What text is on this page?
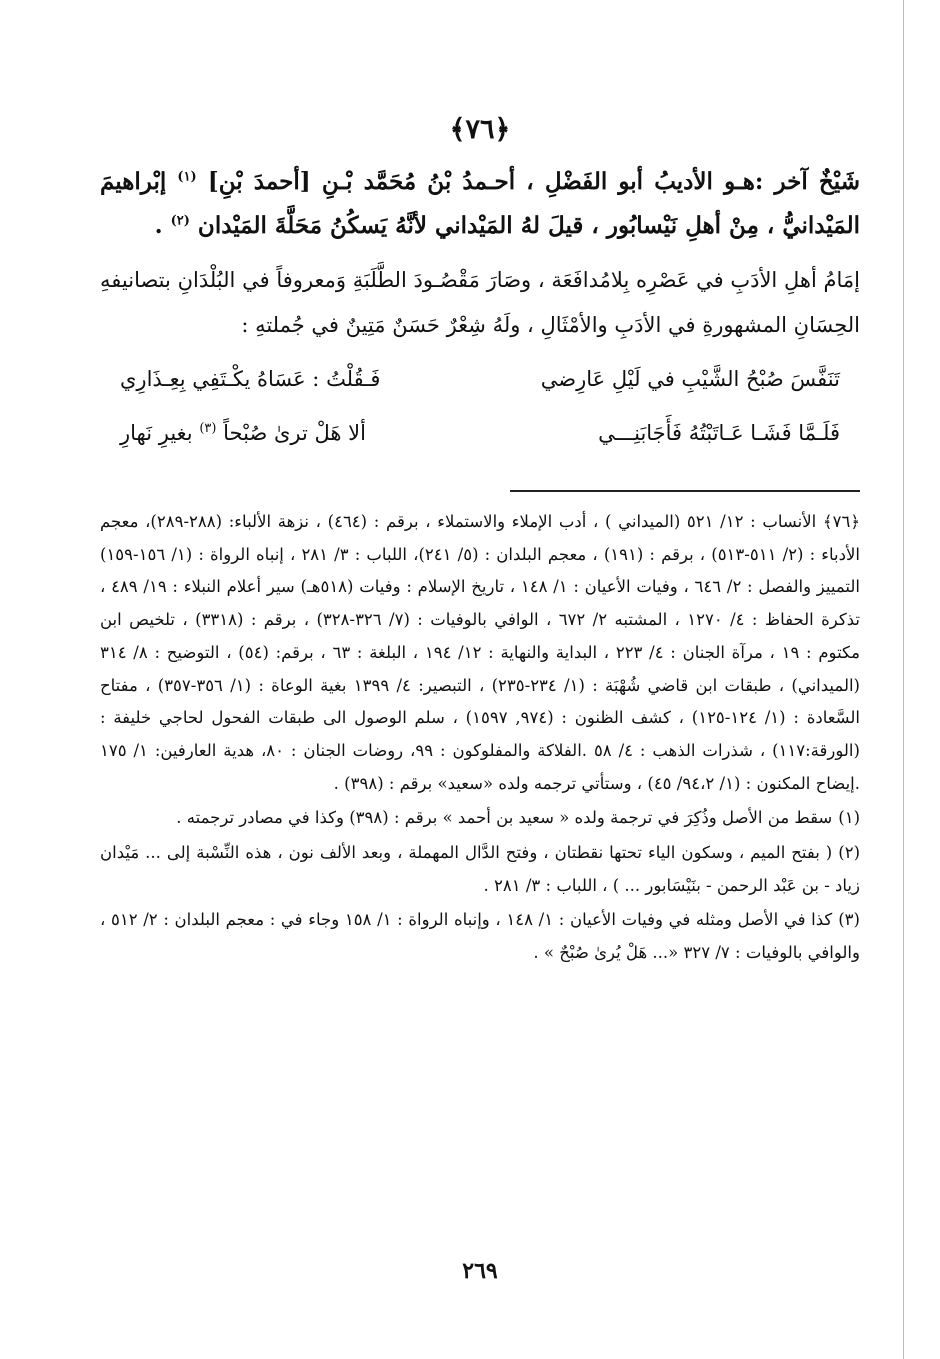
﴿٧٦﴾
شَيْخٌ آخر :هـو الأديبُ أبو الفَضْلِ ، أحـمدُ بْنُ مُحَمَّد بْـنِ [أحمدَ بْنِ] $^{(١)}$ إبْراهيمَ المَيْدانيُّ ، مِنْ أهلِ نَيْسابُور ، قيلَ لهُ المَيْداني لأنَّهُ يَسكُنُ مَحَلَّةَ المَيْدان $^{(٢)}$ .
إمَامُ أهلِ الأدَبِ في عَصْرِه بِلامُدافَعَة ، وصَارَ مَقْصُـودَ الطَّلَبَةِ وَمعروفاً في البُلْدَانِ بتصانيفهِ الحِسَانِ المشهورةِ في الأدَبِ والأمْثَالِ ، ولَهُ شِعْرٌ حَسَنٌ مَتِينٌ في جُملتهِ :
تَنَفَّسَ صُبْحُ الشَّيْبِ في لَيْلِ عَارِضي
فَـقُلْتُ : عَسَاهُ يكْـتَفِي بِعِـذَارِي
فَلَـمَّا فَشَـا عَـاتَبْتُهُ فَأَجَابَنِـــي
ألا هَلْ ترىٰ صُبْحاً $^{(٣)}$ بغيرِ نَهارِ
﴿٧٦﴾ الأنساب : ١٢/ ٥٢١ (الميداني ) ، أدب الإملاء والاستملاء ، برقم : (٤٦٤) ، نزهة الألباء: (٢٨٨-٢٨٩)، معجم الأدباء : (٢/ ٥١١-٥١٣) ، برقم : (١٩١) ، معجم البلدان : (٥/ ٢٤١)، اللباب : ٣/ ٢٨١ ، إنباه الرواة : (١/ ١٥٦-١٥٩) التمييز والفصل : ٢/ ٦٤٦ ، وفيات الأعيان : ١/ ١٤٨ ، تاريخ الإسلام : وفيات (٥١٨هـ) سير أعلام النبلاء : ١٩/ ٤٨٩ ، تذكرة الحفاظ : ٤/ ١٢٧٠ ، المشتبه ٢/ ٦٧٢ ، الوافي بالوفيات : (٧/ ٣٢٦-٣٢٨) ، برقم : (٣٣١٨) ، تلخيص ابن مكتوم : ١٩ ، مرآة الجنان : ٤/ ٢٢٣ ، البداية والنهاية : ١٢/ ١٩٤ ، البلغة : ٦٣ ، برقم: (٥٤) ، التوضيح : ٨/ ٣١٤ (الميداني) ، طبقات ابن قاضي شُهْبَة : (١/ ٢٣٤-٢٣٥) ، التبصير: ٤/ ١٣٩٩ بغية الوعاة : (١/ ٣٥٦-٣٥٧) ، مفتاح السَّعادة : (١/ ١٢٤-١٢٥) ، كشف الظنون : (٩٧٤, ١٥٩٧) ، سلم الوصول الى طبقات الفحول لحاجي خليفة : (الورقة:١١٧) ، شذرات الذهب : ٤/ ٥٨ .الفلاكة والمفلوكون : ٩٩، روضات الجنان : ٨٠، هدية العارفين: ١/ ١٧٥ .إيضاح المكنون : (١/ ٩٤،٢/ ٤٥) ، وستأتي ترجمه ولده «سعيد» برقم : (٣٩٨) .
(١)سقط من الأصل وذُكِرَ في ترجمة ولده « سعيد بن أحمد » برقم : (٣٩٨) وكذا في مصادر ترجمته .
(٢)( بفتح الميم ، وسكون الياء تحتها نقطتان ، وفتح الدَّال المهملة ، وبعد الألف نون ، هذه النِّسْبة إلى ... مَيْدان زياد - بن عَبْد الرحمن - بنَيْسَابور ... ) ، اللباب : ٣/ ٢٨١ .
(٣)كذا في الأصل ومثله في وفيات الأعيان : ١/ ١٤٨ ، وإنباه الرواة : ١/ ١٥٨ وجاء في : معجم البلدان : ٢/ ٥١٢ ، والوافي بالوفيات : ٧/ ٣٢٧ «... هَلْ يُرىٰ صُبْحٌ » .
٢٦٩
